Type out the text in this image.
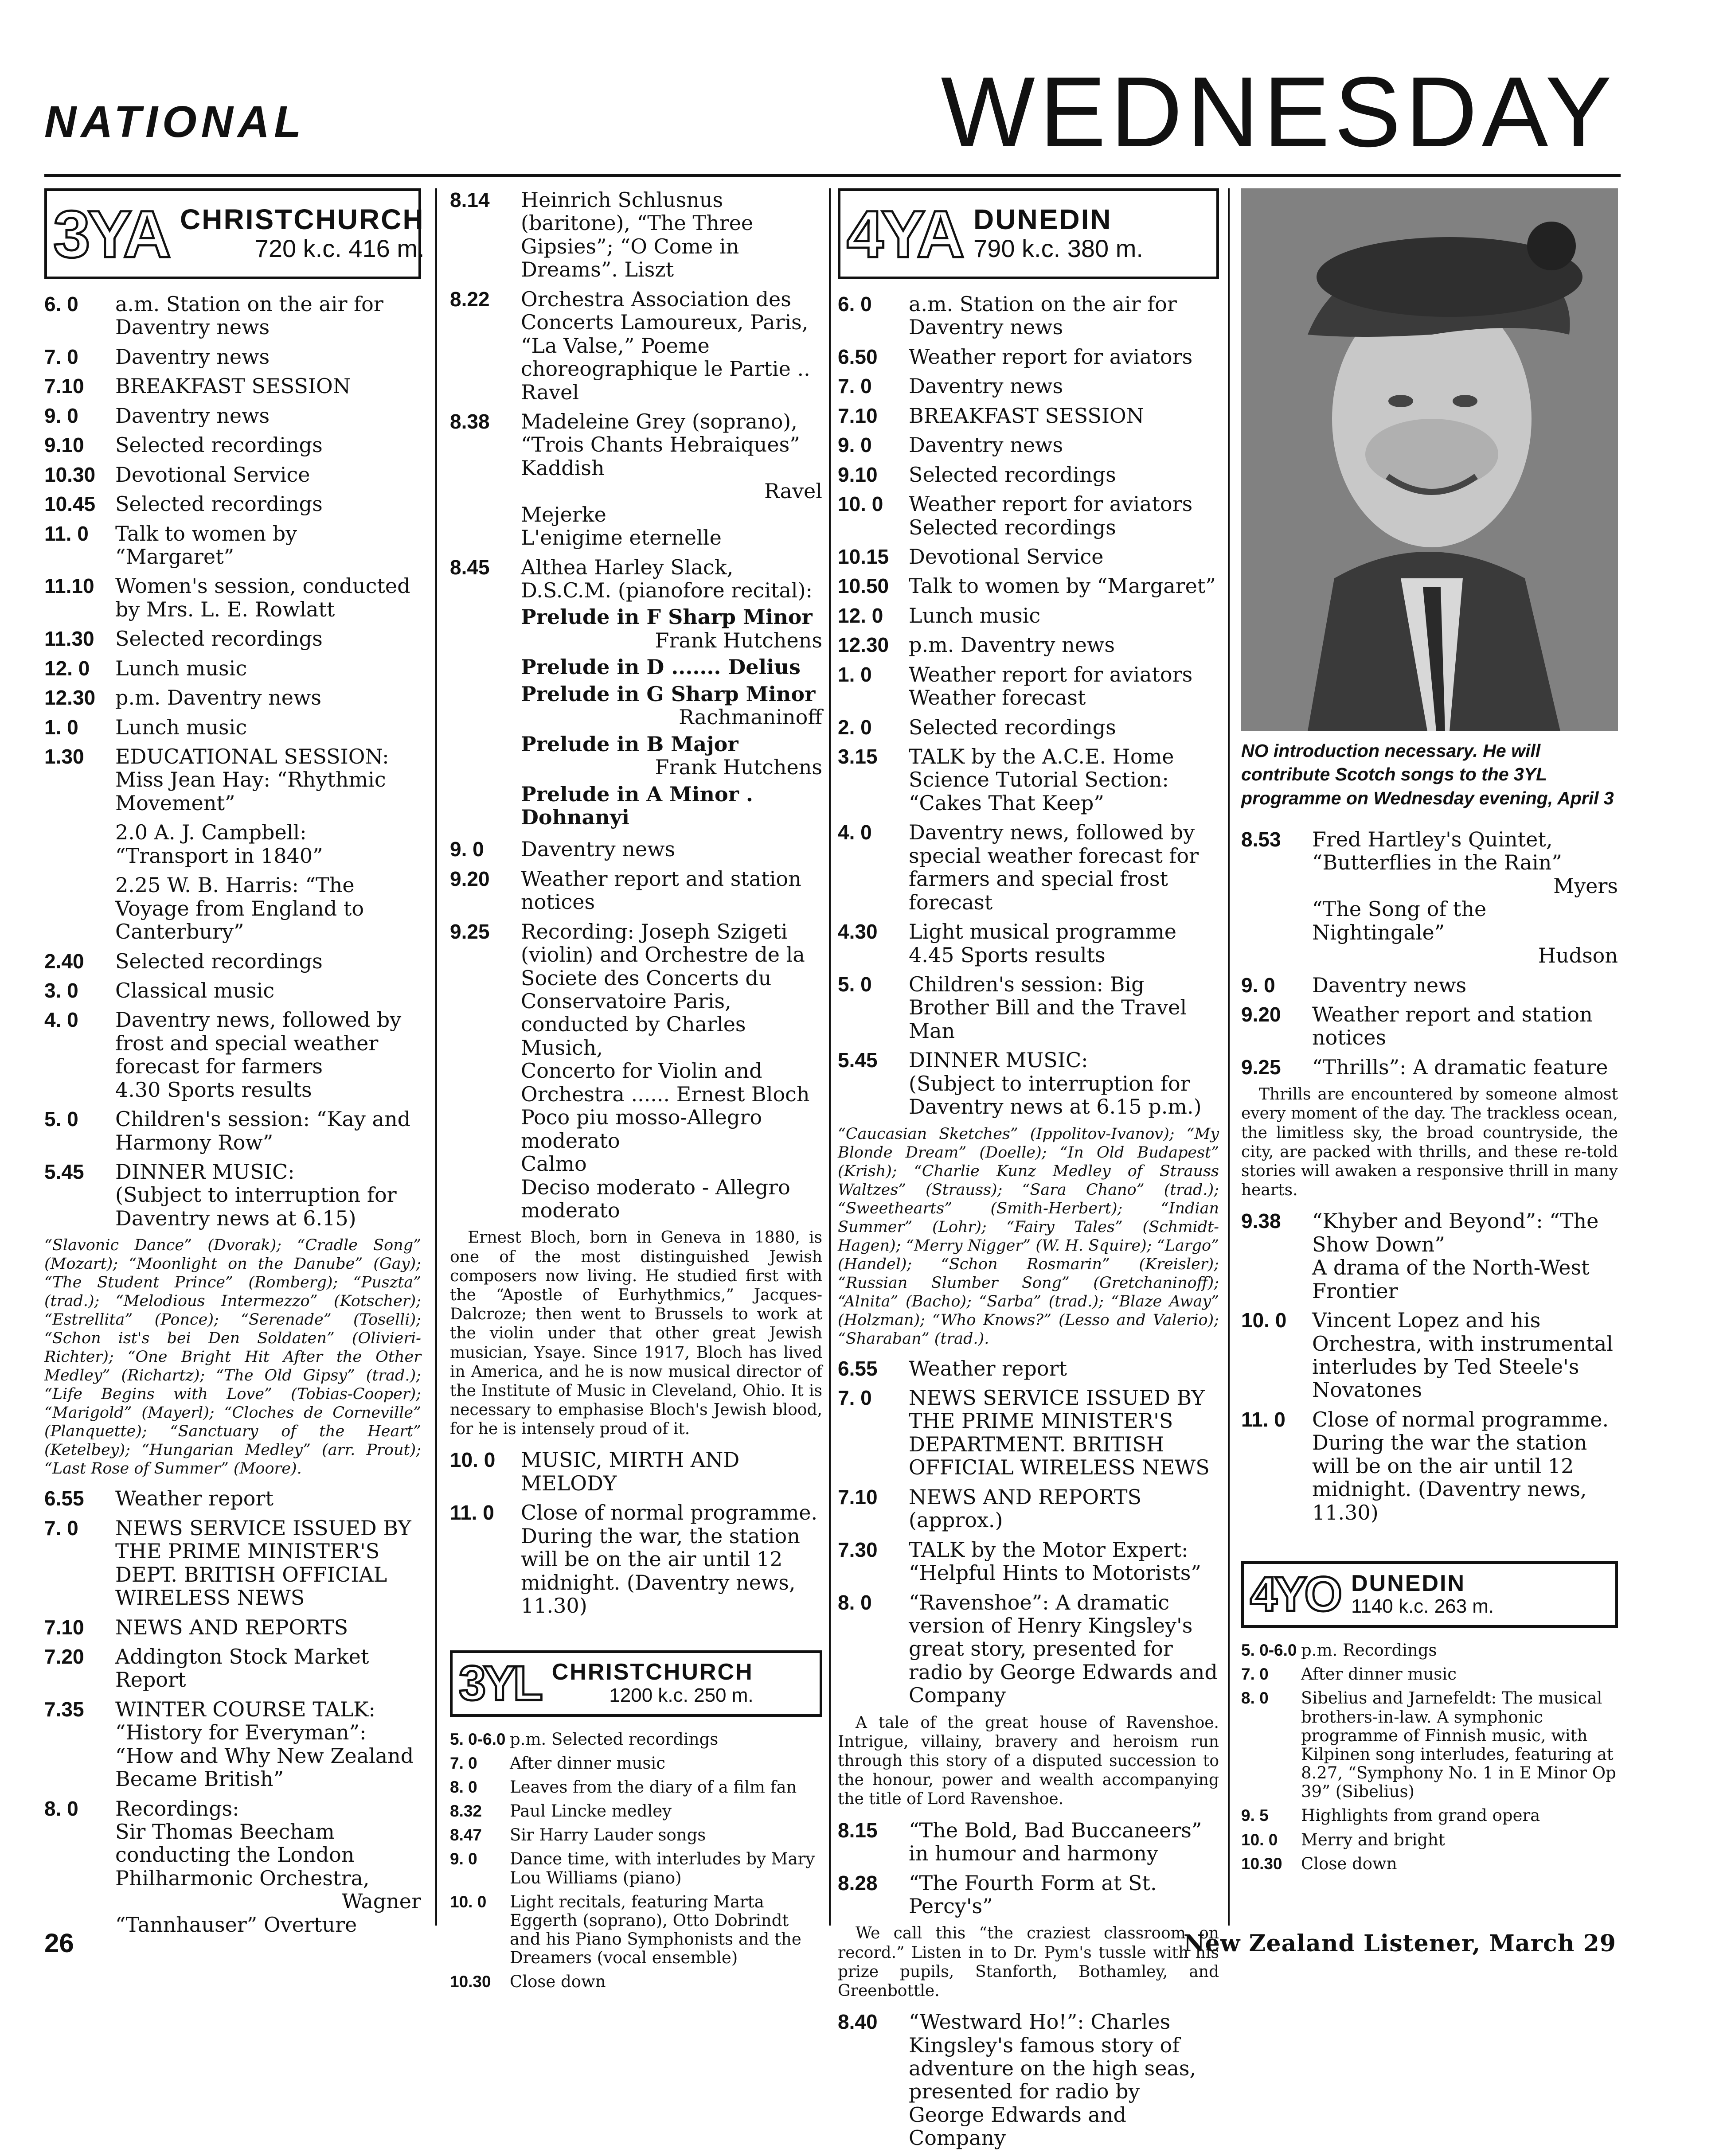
NATIONAL	WEDNESDAY
3YA CHRISTCHURCH
720 k.c. 416 m.
6. 0	a.m. Station on the air for Daventry news
7. 0	Daventry news
7.10	BREAKFAST SESSION
9. 0	Daventry news
9.10	Selected recordings
10.30 Devotional Service
10.45 Selected recordings
11. 0	Talk to women by “Margaret”
11.10	Women's session, conducted by Mrs. L. E. Rowlatt
11.30	Selected recordings
12. 0	Lunch music
12.30 p.m. Daventry news
1. 0	Lunch music
1.30	EDUCATIONAL SESSION: Miss Jean Hay: “Rhythmic Movement”
2.0 A. J. Campbell: “Transport in 1840”
2.25 W. B. Harris: “The Voyage from England to Canterbury”
2.40	Selected recordings
3. 0	Classical music
4. 0	Daventry news, followed by frost and special weather forecast for farmers
4.30 Sports results
5. 0	Children's session: “Kay and Harmony Row”
5.45	DINNER MUSIC:
(Subject to interruption for Daventry news at 6.15)
“Slavonic Dance” (Dvorak); “Cradle Song” (Mozart); “Moonlight on the Danube” (Gay); “The Student Prince” (Romberg); “Puszta” (trad.); “Melodious Intermezzo” (Kotscher); “Estrellita” (Ponce); “Serenade” (Toselli); “Schon ist's bei Den Soldaten” (Olivieri-Richter); “One Bright Hit After the Other Medley” (Richartz); “The Old Gipsy” (trad.); “Life Begins with Love” (Tobias-Cooper); “Marigold” (Mayerl); “Cloches de Corneville” (Planquette); “Sanctuary of the Heart” (Ketelbey); “Hungarian Medley” (arr. Prout); “Last Rose of Summer” (Moore).
6.55	Weather report
7. 0	NEWS SERVICE ISSUED BY THE PRIME MINISTER'S DEPT. BRITISH OFFICIAL WIRELESS NEWS
7.10	NEWS AND REPORTS
7.20	Addington Stock Market Report
7.35	WINTER COURSE TALK: “History for Everyman”: “How and Why New Zealand Became British”
8. 0	Recordings:
Sir Thomas Beecham conducting the London Philharmonic Orchestra,
Wagner
“Tannhauser” Overture
8.14	Heinrich Schlusnus (baritone), “The Three Gipsies”; “O Come in Dreams”. Liszt
8.22	Orchestra Association des Concerts Lamoureux, Paris, “La Valse,” Poeme choreographique le Partie .. Ravel
8.38	Madeleine Grey (soprano), “Trois Chants Hebraiques”
Kaddish
Ravel
Mejerke
L'enigime eternelle
8.45	Althea Harley Slack, D.S.C.M. (pianofore recital):
Prelude in F Sharp Minor
Frank Hutchens
Prelude in D ....... Delius
Prelude in G Sharp Minor
Rachmaninoff
Prelude in B Major
Frank Hutchens
Prelude in A Minor . Dohnanyi
9. 0	Daventry news
9.20	Weather report and station notices
9.25	Recording: Joseph Szigeti (violin) and Orchestre de la Societe des Concerts du Conservatoire Paris, conducted by Charles Musich,
Concerto for Violin and Orchestra ...... Ernest Bloch
Poco piu mosso-Allegro moderato
Calmo
Deciso moderato - Allegro moderato
Ernest Bloch, born in Geneva in 1880, is one of the most distinguished Jewish composers now living. He studied first with the “Apostle of Eurhythmics,” Jacques-Dalcroze; then went to Brussels to work at the violin under that other great Jewish musician, Ysaye. Since 1917, Bloch has lived in America, and he is now musical director of the Institute of Music in Cleveland, Ohio. It is necessary to emphasise Bloch's Jewish blood, for he is intensely proud of it.
10. 0	MUSIC, MIRTH AND MELODY
11. 0	Close of normal programme. During the war, the station will be on the air until 12 midnight. (Daventry news, 11.30)
3YL CHRISTCHURCH
1200 k.c. 250 m.
5. 0-6.0 p.m. Selected recordings
7. 0	After dinner music
8. 0	Leaves from the diary of a film fan
8.32	Paul Lincke medley
8.47	Sir Harry Lauder songs
9. 0	Dance time, with interludes by Mary Lou Williams (piano)
10. 0	Light recitals, featuring Marta Eggerth (soprano), Otto Dobrindt and his Piano Symphonists and the Dreamers (vocal ensemble)
10.30	Close down
4YA DUNEDIN
790 k.c. 380 m.
6. 0	a.m. Station on the air for Daventry news
6.50	Weather report for aviators
7. 0	Daventry news
7.10	BREAKFAST SESSION
9. 0	Daventry news
9.10	Selected recordings
10. 0	Weather report for aviators Selected recordings
10.15 Devotional Service
10.50 Talk to women by “Margaret”
12. 0	Lunch music
12.30 p.m. Daventry news
1. 0	Weather report for aviators Weather forecast
2. 0	Selected recordings
3.15	TALK by the A.C.E. Home Science Tutorial Section: “Cakes That Keep”
4. 0	Daventry news, followed by special weather forecast for farmers and special frost forecast
4.30	Light musical programme
4.45 Sports results
5. 0	Children's session: Big Brother Bill and the Travel Man
5.45	DINNER MUSIC:
(Subject to interruption for Daventry news at 6.15 p.m.)
“Caucasian Sketches” (Ippolitov-Ivanov); “My Blonde Dream” (Doelle); “In Old Budapest” (Krish); “Charlie Kunz Medley of Strauss Waltzes” (Strauss); “Sara Chano” (trad.); “Sweethearts” (Smith-Herbert); “Indian Summer” (Lohr); “Fairy Tales” (Schmidt-Hagen); “Merry Nigger” (W. H. Squire); “Largo” (Handel); “Schon Rosmarin” (Kreisler); “Russian Slumber Song” (Gretchaninoff); “Alnita” (Bacho); “Sarba” (trad.); “Blaze Away” (Holzman); “Who Knows?” (Lesso and Valerio); “Sharaban” (trad.).
6.55	Weather report
7. 0	NEWS SERVICE ISSUED BY THE PRIME MINISTER'S DEPARTMENT. BRITISH OFFICIAL WIRELESS NEWS
7.10	NEWS AND REPORTS
(approx.)
7.30	TALK by the Motor Expert: “Helpful Hints to Motorists”
8. 0	“Ravenshoe”: A dramatic version of Henry Kingsley's great story, presented for radio by George Edwards and Company
A tale of the great house of Ravenshoe. Intrigue, villainy, bravery and heroism run through this story of a disputed succession to the honour, power and wealth accompanying the title of Lord Ravenshoe.
8.15	“The Bold, Bad Buccaneers” in humour and harmony
8.28	“The Fourth Form at St. Percy's”
We call this “the craziest classroom on record.” Listen in to Dr. Pym's tussle with his prize pupils, Stanforth, Bothamley, and Greenbottle.
8.40	“Westward Ho!”: Charles Kingsley's famous story of adventure on the high seas, presented for radio by George Edwards and Company
NO introduction necessary. He will contribute Scotch songs to the 3YL programme on Wednesday evening, April 3
8.53	Fred Hartley's Quintet,
“Butterflies in the Rain”
Myers
“The Song of the Nightingale”
Hudson
9. 0	Daventry news
9.20	Weather report and station notices
9.25	“Thrills”: A dramatic feature
Thrills are encountered by someone almost every moment of the day. The trackless ocean, the limitless sky, the broad countryside, the city, are packed with thrills, and these re-told stories will awaken a responsive thrill in many hearts.
9.38	“Khyber and Beyond”: “The Show Down”
A drama of the North-West Frontier
10. 0	Vincent Lopez and his Orchestra, with instrumental interludes by Ted Steele's Novatones
11. 0	Close of normal programme. During the war the station will be on the air until 12 midnight. (Daventry news, 11.30)
4YO DUNEDIN
1140 k.c. 263 m.
5. 0-6.0 p.m. Recordings
7. 0	After dinner music
8. 0	Sibelius and Jarnefeldt: The musical brothers-in-law. A symphonic programme of Finnish music, with Kilpinen song interludes, featuring at 8.27, “Symphony No. 1 in E Minor Op 39” (Sibelius)
9. 5	Highlights from grand opera
10. 0	Merry and bright
10.30	Close down
26	New Zealand Listener, March 29
